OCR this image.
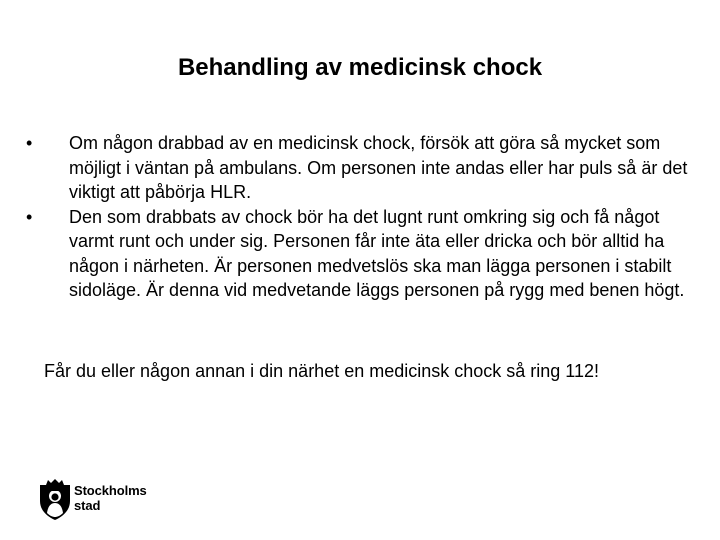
Behandling av medicinsk chock
• Om någon drabbad av en medicinsk chock, försök att göra så mycket som möjligt i väntan på ambulans. Om personen inte andas eller har puls så är det viktigt att påbörja HLR.
• Den som drabbats av chock bör ha det lugnt runt omkring sig och få något varmt runt och under sig. Personen får inte äta eller dricka och bör alltid ha någon i närheten. Är personen medvetslös ska man lägga personen i stabilt sidoläge. Är denna vid medvetande läggs personen på rygg med benen högt.
Får du eller någon annan i din närhet en medicinsk chock så ring 112!
Stockholms
stad
